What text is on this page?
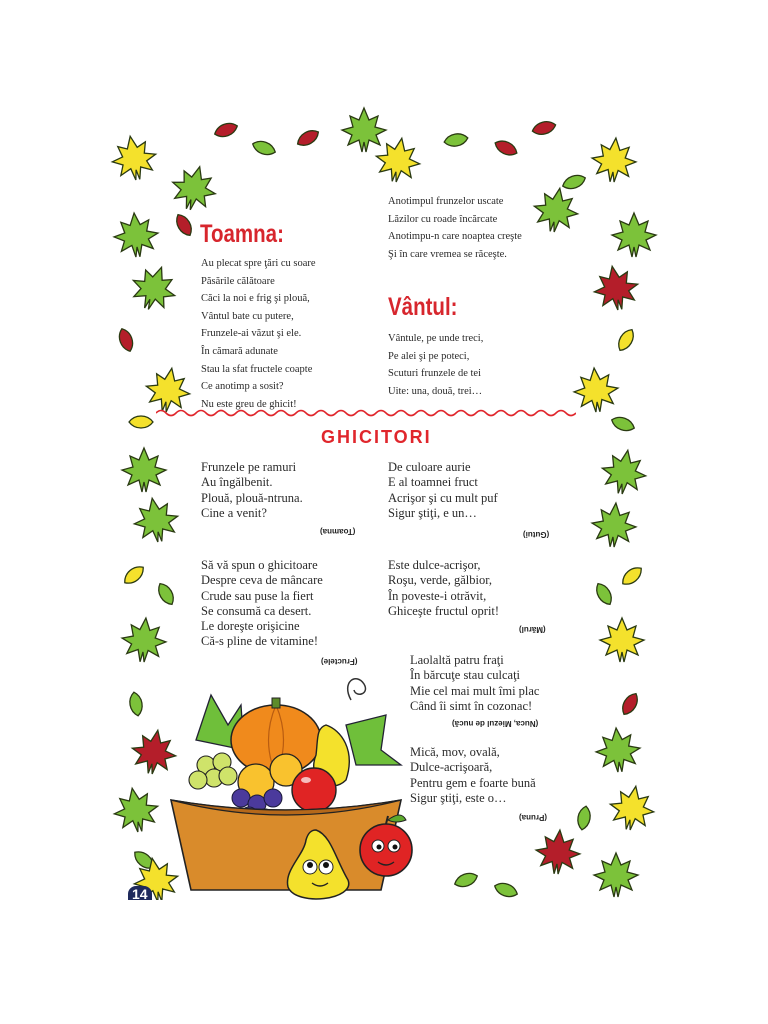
Toamna:
Au plecat spre ţări cu soare
Păsările călătoare
Căci la noi e frig şi plouă,
Vântul bate cu putere,
Frunzele-ai văzut şi ele.
În cămară adunate
Stau la sfat fructele coapte
Ce anotimp a sosit?
Nu este greu de ghicit!
Anotimpul frunzelor uscate
Lăzilor cu roade încărcate
Anotimpu-n care noaptea creşte
Şi în care vremea se răceşte.
Vântul:
Vântule, pe unde treci,
Pe alei şi pe poteci,
Scuturi frunzele de tei
Uite: una, două, trei…
GHICITORI
Frunzele pe ramuri
Au îngălbenit.
Plouă, plouă-ntruna.
Cine a venit?
(Toamna)
De culoare aurie
E al toamnei fruct
Acrişor şi cu mult puf
Sigur ştiţi, e un…
(Gutui)
Să vă spun o ghicitoare
Despre ceva de mâncare
Crude sau puse la fiert
Se consumă ca desert.
Le doreşte orişicine
Că-s pline de vitamine!
(Fructele)
Este dulce-acrişor,
Roşu, verde, gălbior,
În poveste-i otrăvit,
Ghiceşte fructul oprit!
(Mărul)
Laolaltă patru fraţi
În bărcuţe stau culcaţi
Mie cel mai mult îmi plac
Când îi simt în cozonac!
(Nuca, Miezul de nucă)
Mică, mov, ovală,
Dulce-acrişoară,
Pentru gem e foarte bună
Sigur ştiţi, este o…
(Pruna)
14
